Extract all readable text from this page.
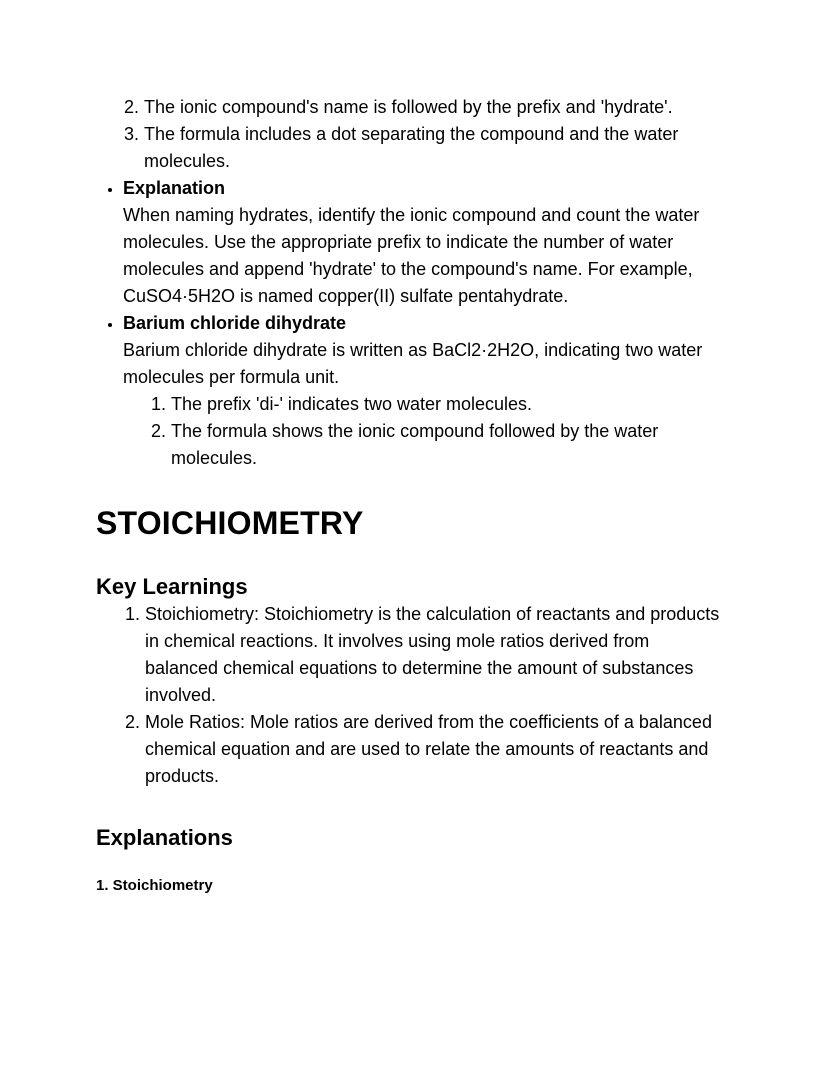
2. The ionic compound's name is followed by the prefix and 'hydrate'.
3. The formula includes a dot separating the compound and the water molecules.
• Explanation
When naming hydrates, identify the ionic compound and count the water molecules. Use the appropriate prefix to indicate the number of water molecules and append 'hydrate' to the compound's name. For example, CuSO4·5H2O is named copper(II) sulfate pentahydrate.
• Barium chloride dihydrate
Barium chloride dihydrate is written as BaCl2·2H2O, indicating two water molecules per formula unit.
1. The prefix 'di-' indicates two water molecules.
2. The formula shows the ionic compound followed by the water molecules.
STOICHIOMETRY
Key Learnings
1. Stoichiometry: Stoichiometry is the calculation of reactants and products in chemical reactions. It involves using mole ratios derived from balanced chemical equations to determine the amount of substances involved.
2. Mole Ratios: Mole ratios are derived from the coefficients of a balanced chemical equation and are used to relate the amounts of reactants and products.
Explanations
1. Stoichiometry
